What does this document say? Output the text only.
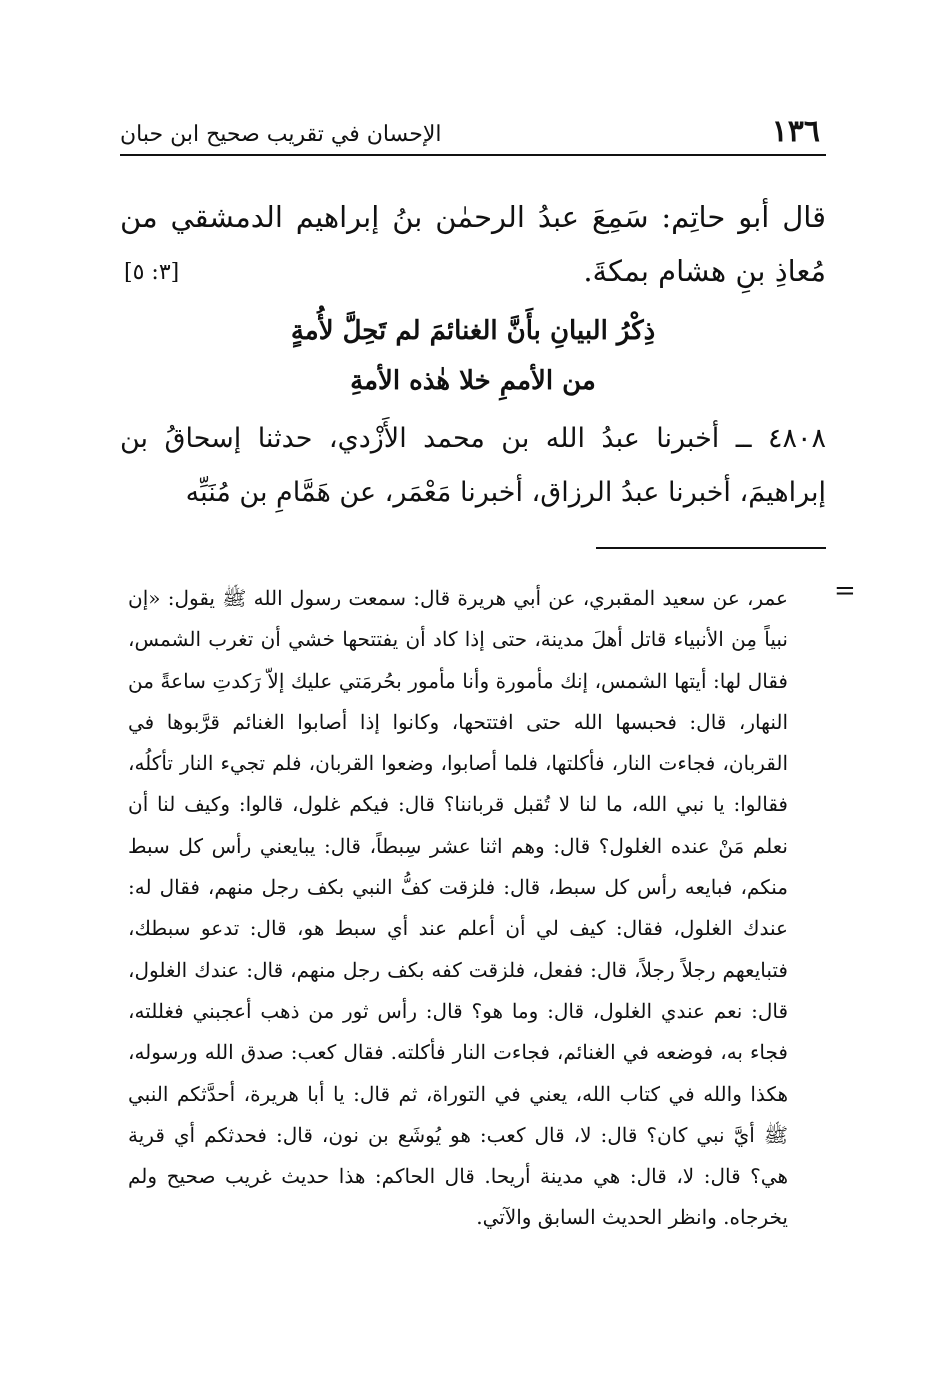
١٣٦
الإحسان في تقريب صحيح ابن حبان

قال أبو حاتِم: سَمِعَ عبدُ الرحمٰن بنُ إبراهيم الدمشقي من مُعاذِ بنِ هشام بمكةَ.

[٣: ٥]
ذِكْرُ البيانِ بأَنَّ الغنائمَ لم تَحِلَّ لأُمةٍ
من الأممِ خلا هٰذه الأمةِ

٤٨٠٨ ــ أخبرنا عبدُ الله بن محمد الأَزْدي، حدثنا إسحاقُ بن إبراهيمَ، أخبرنا عبدُ الرزاق، أخبرنا مَعْمَر، عن هَمَّامِ بن مُنَبِّه

=

عمر، عن سعيد المقبري، عن أبي هريرة قال: سمعت رسول الله ﷺ يقول: «إن نبياً مِن الأنبياء قاتل أهلَ مدينة، حتى إذا كاد أن يفتتحها خشي أن تغرب الشمس، فقال لها: أيتها الشمس، إنك مأمورة وأنا مأمور بحُرمَتي عليك إلاّ رَكدتِ ساعةً من النهار، قال: فحبسها الله حتى افتتحها، وكانوا إذا أصابوا الغنائم قرَّبوها في القربان، فجاءت النار، فأكلتها، فلما أصابوا، وضعوا القربان، فلم تجيء النار تأكلُه، فقالوا: يا نبي الله، ما لنا لا تُقبل قرباننا؟ قال: فيكم غلول، قالوا: وكيف لنا أن نعلم مَنْ عنده الغلول؟ قال: وهم اثنا عشر سِبطاً، قال: يبايعني رأس كل سبط منكم، فبايعه رأس كل سبط، قال: فلزقت كفُّ النبي بكف رجل منهم، فقال له: عندك الغلول، فقال: كيف لي أن أعلم عند أي سبط هو، قال: تدعو سبطك، فتبايعهم رجلاً رجلاً، قال: ففعل، فلزقت كفه بكف رجل منهم، قال: عندك الغلول، قال: نعم عندي الغلول، قال: وما هو؟ قال: رأس ثور من ذهب أعجبني فغللته، فجاء به، فوضعه في الغنائم، فجاءت النار فأكلته. فقال كعب: صدق الله ورسوله، هكذا والله في كتاب الله، يعني في التوراة، ثم قال: يا أبا هريرة، أحدَّثكم النبي ﷺ أيَّ نبي كان؟ قال: لا، قال كعب: هو يُوشَع بن نون، قال: فحدثكم أي قرية هي؟ قال: لا، قال: هي مدينة أريحا. قال الحاكم: هذا حديث غريب صحيح ولم يخرجاه. وانظر الحديث السابق والآتي.
